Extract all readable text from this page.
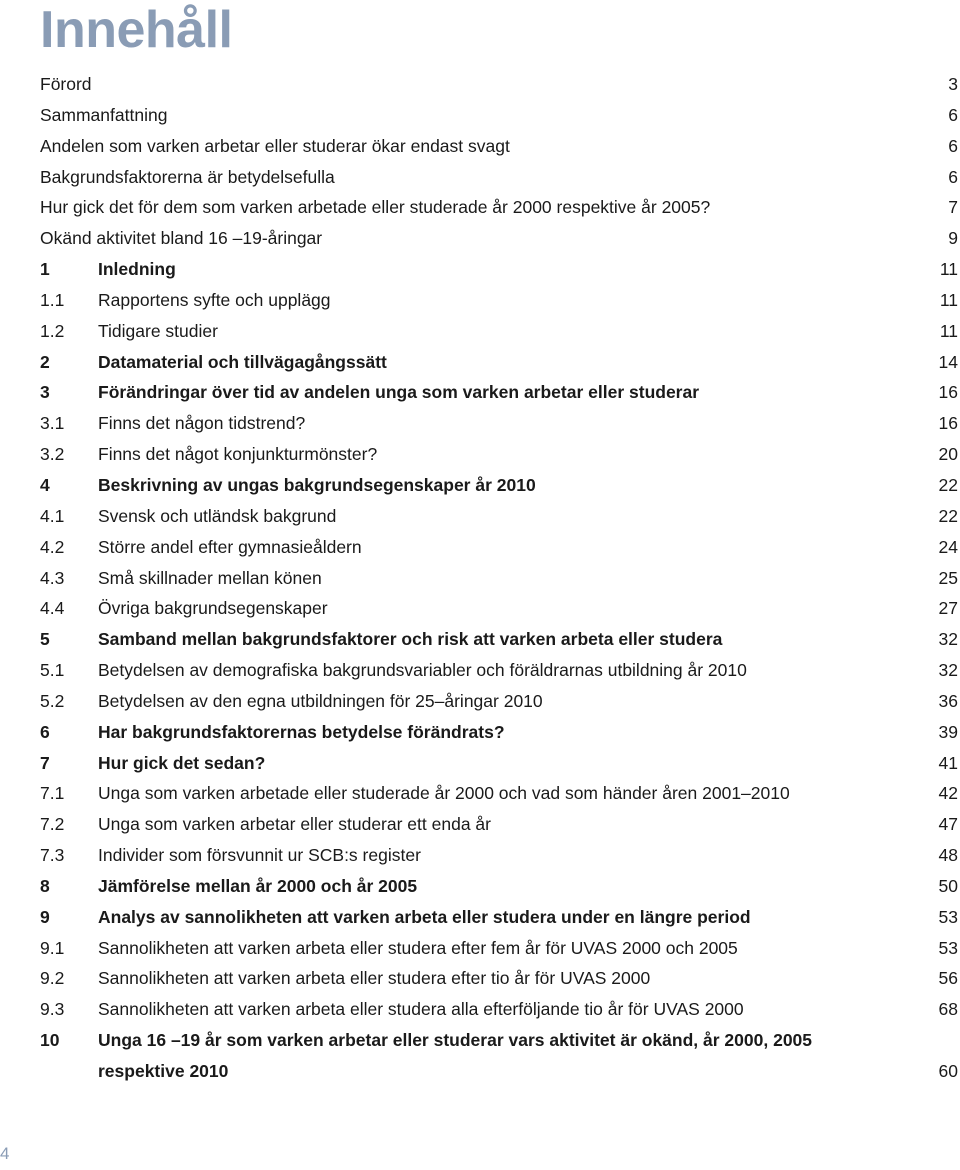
Innehåll
Förord	3
Sammanfattning	6
Andelen som varken arbetar eller studerar ökar endast svagt	6
Bakgrundsfaktorerna är betydelsefulla	6
Hur gick det för dem som varken arbetade eller studerade år 2000 respektive år 2005?	7
Okänd aktivitet bland 16 –19-åringar	9
1	Inledning	11
1.1 Rapportens syfte och upplägg	11
1.2 Tidigare studier	11
2	Datamaterial och tillvägagångssätt	14
3	Förändringar över tid av andelen unga som varken arbetar eller studerar	16
3.1 Finns det någon tidstrend?	16
3.2 Finns det något konjunkturmönster?	20
4	Beskrivning av ungas bakgrundsegenskaper år 2010	22
4.1 Svensk och utländsk bakgrund	22
4.2 Större andel efter gymnasieåldern	24
4.3 Små skillnader mellan könen	25
4.4 Övriga bakgrundsegenskaper	27
5	Samband mellan bakgrundsfaktorer och risk att varken arbeta eller studera	32
5.1 Betydelsen av demografiska bakgrundsvariabler och föräldrarnas utbildning år 2010	32
5.2 Betydelsen av den egna utbildningen för 25–åringar 2010	36
6	Har bakgrundsfaktorernas betydelse förändrats?	39
7	Hur gick det sedan?	41
7.1 Unga som varken arbetade eller studerade år 2000 och vad som händer åren 2001–2010	42
7.2 Unga som varken arbetar eller studerar ett enda år	47
7.3 Individer som försvunnit ur SCB:s register	48
8	Jämförelse mellan år 2000 och år 2005	50
9	Analys av sannolikheten att varken arbeta eller studera under en längre period	53
9.1 Sannolikheten att varken arbeta eller studera efter fem år för UVAS 2000 och 2005	53
9.2 Sannolikheten att varken arbeta eller studera efter tio år för UVAS 2000	56
9.3 Sannolikheten att varken arbeta eller studera alla efterföljande tio år för UVAS 2000	68
10 Unga 16 –19 år som varken arbetar eller studerar vars aktivitet är okänd, år 2000, 2005 respektive 2010	60
4
